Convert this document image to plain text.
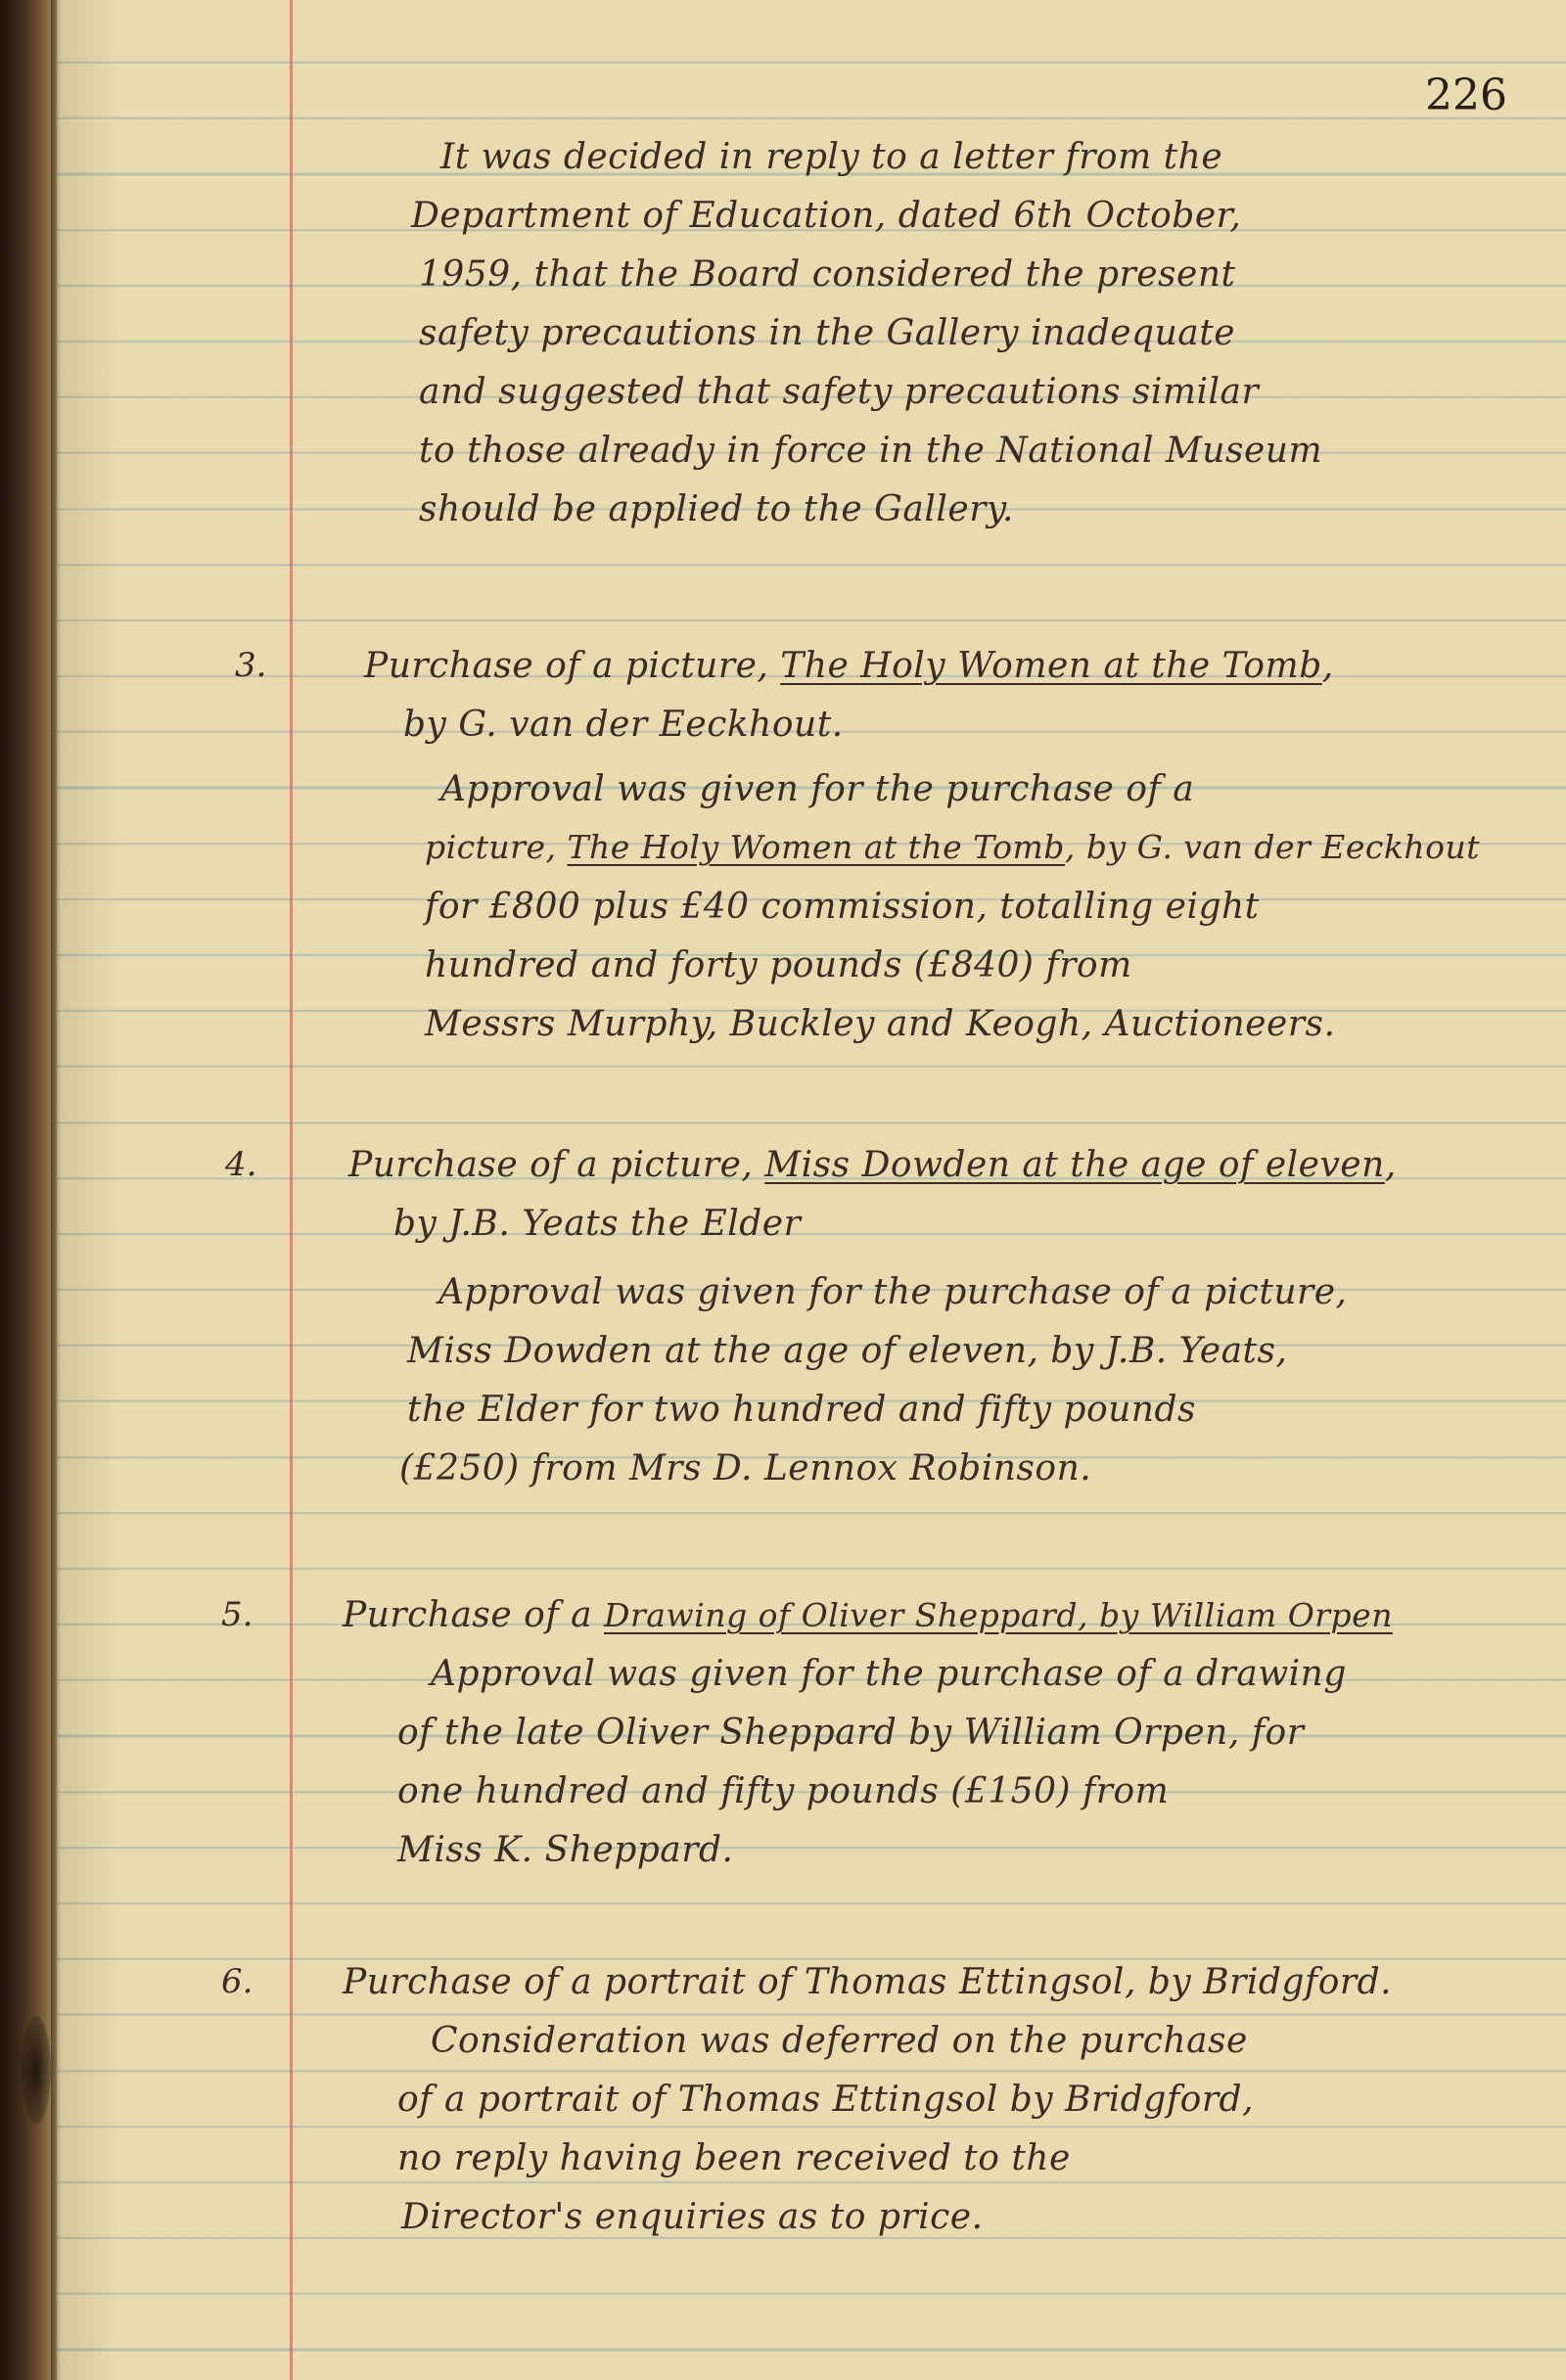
226

It was decided in reply to a letter from the
Department of Education, dated 6th October,
1959, that the Board considered the present
safety precautions in the Gallery inadequate
and suggested that safety precautions similar
to those already in force in the National Museum
should be applied to the Gallery.

3.	Purchase of a picture, The Holy Women at the Tomb,
by G. van der Eeckhout.
Approval was given for the purchase of a
picture, The Holy Women at the Tomb, by G. van der Eeckhout
for £800 plus £40 commission, totalling eight
hundred and forty pounds (£840) from
Messrs Murphy, Buckley and Keogh, Auctioneers.

4.	Purchase of a picture, Miss Dowden at the age of eleven,
by J.B. Yeats the Elder
Approval was given for the purchase of a picture,
Miss Dowden at the age of eleven, by J.B. Yeats,
the Elder for two hundred and fifty pounds
(£250) from Mrs D. Lennox Robinson.

5.	Purchase of a Drawing of Oliver Sheppard, by William Orpen
Approval was given for the purchase of a drawing
of the late Oliver Sheppard by William Orpen, for
one hundred and fifty pounds (£150) from
Miss K. Sheppard.

6.	Purchase of a portrait of Thomas Ettingsol, by Bridgford.
Consideration was deferred on the purchase
of a portrait of Thomas Ettingsol by Bridgford,
no reply having been received to the
Director's enquiries as to price.
